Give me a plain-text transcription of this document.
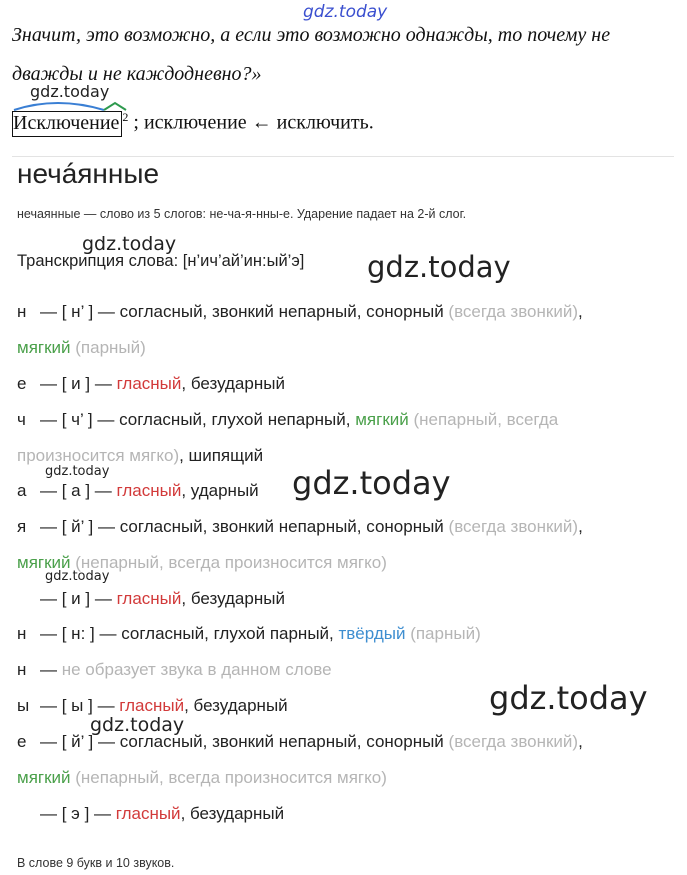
gdz.today
Значит, это возможно, а если это возможно однажды, то почему не
дважды и не каждодневно?»
gdz.today
Исключение $^2$ ; исключение ← исключить.
нечáянные
нечаянные — слово из 5 слогов: не-ча-я-нны-е. Ударение падает на 2-й слог.
gdz.today
Транскрипция слова: [н’ич’ай’ин:ый’э] gdz.today
н — [ н’ ] — согласный, звонкий непарный, сонорный (всегда звонкий),
мягкий (парный)
е — [ и ] — гласный, безударный
ч — [ ч’ ] — согласный, глухой непарный, мягкий (непарный, всегда
произносится мягко), шипящий
а — [ а ] — гласный, ударный
я — [ й’ ] — согласный, звонкий непарный, сонорный (всегда звонкий),
мягкий (непарный, всегда произносится мягко)
— [ и ] — гласный, безударный
н — [ н: ] — согласный, глухой парный, твёрдый (парный)
н — не образует звука в данном слове
ы — [ ы ] — гласный, безударный
е — [ й’ ] — согласный, звонкий непарный, сонорный (всегда звонкий),
мягкий (непарный, всегда произносится мягко)
— [ э ] — гласный, безударный
gdz.today	gdz.today
gdz.today
gdz.today
gdz.today
В слове 9 букв и 10 звуков.
